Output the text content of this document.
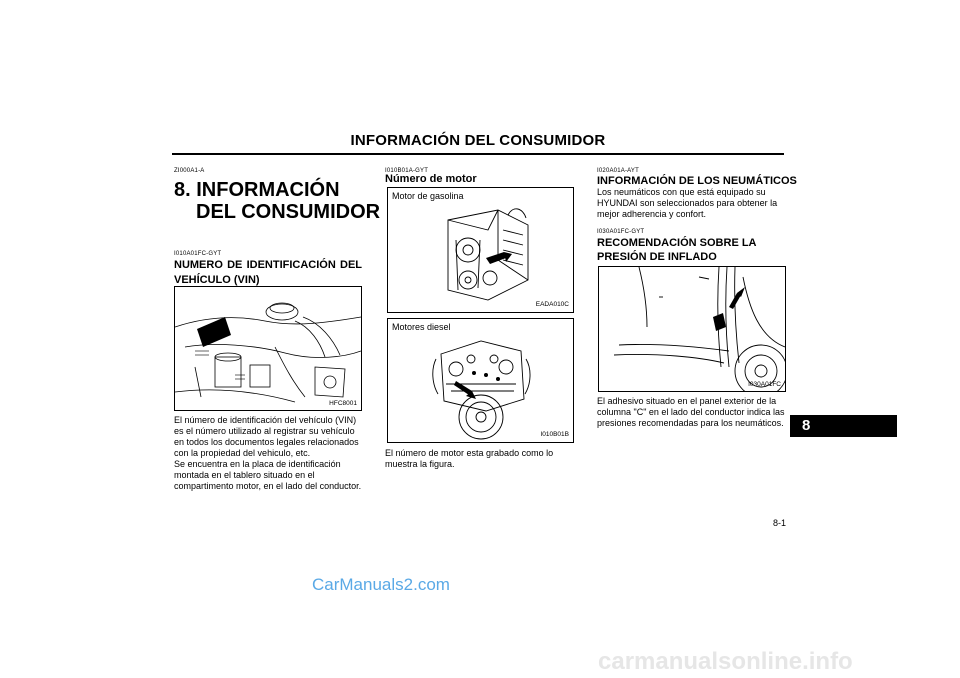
INFORMACIÓN DEL CONSUMIDOR
ZI000A1-A
8. INFORMACIÓN
DEL CONSUMIDOR
I010A01FC-GYT
NUMERO DE IDENTIFICACIÓN DEL
VEHÍCULO (VIN)
HFC8001
El número de identificación del vehículo (VIN)
es el número utilizado al registrar su vehículo
en todos los documentos legales relacionados
con la propiedad del vehiculo, etc.
Se encuentra en la placa de identificación
montada en el tablero situado en el
compartimento motor, en el lado del conductor.
I010B01A-GYT
Número de motor
Motor de gasolina
EADA010C
Motores diesel
I010B01B
El número de motor esta grabado como lo
muestra la figura.
I020A01A-AYT
INFORMACIÓN DE LOS NEUMÁTICOS
Los neumáticos con que está equipado su
HYUNDAI son seleccionados para obtener la
mejor adherencia y confort.
I030A01FC-GYT
RECOMENDACIÓN SOBRE LA
PRESIÓN DE INFLADO
I030A01FC
El adhesivo situado en el panel exterior de la
columna "C" en el lado del conductor indica las
presiones recomendadas para los neumáticos.	8
8-1
CarManuals2.com
carmanualsonline.info
